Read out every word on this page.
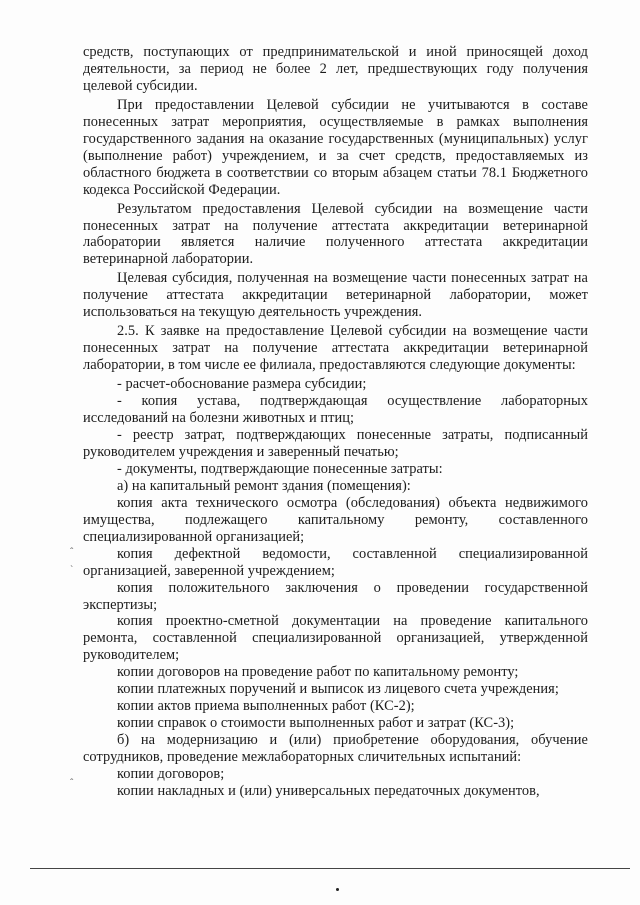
средств, поступающих от предпринимательской и иной приносящей доход деятельности, за период не более 2 лет, предшествующих году получения целевой субсидии.

При предоставлении Целевой субсидии не учитываются в составе понесенных затрат мероприятия, осуществляемые в рамках выполнения государственного задания на оказание государственных (муниципальных) услуг (выполнение работ) учреждением, и за счет средств, предоставляемых из областного бюджета в соответствии со вторым абзацем статьи 78.1 Бюджетного кодекса Российской Федерации.

Результатом предоставления Целевой субсидии на возмещение части понесенных затрат на получение аттестата аккредитации ветеринарной лаборатории является наличие полученного аттестата аккредитации ветеринарной лаборатории.

Целевая субсидия, полученная на возмещение части понесенных затрат на получение аттестата аккредитации ветеринарной лаборатории, может использоваться на текущую деятельность учреждения.

2.5. К заявке на предоставление Целевой субсидии на возмещение части понесенных затрат на получение аттестата аккредитации ветеринарной лаборатории, в том числе ее филиала, предоставляются следующие документы:

- расчет-обоснование размера субсидии;

- копия устава, подтверждающая осуществление лабораторных исследований на болезни животных и птиц;

- реестр затрат, подтверждающих понесенные затраты, подписанный руководителем учреждения и заверенный печатью;

- документы, подтверждающие понесенные затраты:

а) на капитальный ремонт здания (помещения):

копия акта технического осмотра (обследования) объекта недвижимого имущества, подлежащего капитальному ремонту, составленного специализированной организацией;

копия дефектной ведомости, составленной специализированной организацией, заверенной учреждением;

копия положительного заключения о проведении государственной экспертизы;

копия проектно-сметной документации на проведение капитального ремонта, составленной специализированной организацией, утвержденной руководителем;

копии договоров на проведение работ по капитальному ремонту;

копии платежных поручений и выписок из лицевого счета учреждения;

копии актов приема выполненных работ (КС-2);

копии справок о стоимости выполненных работ и затрат (КС-3);

б) на модернизацию и (или) приобретение оборудования, обучение сотрудников, проведение межлабораторных сличительных испытаний:

копии договоров;

копии накладных и (или) универсальных передаточных документов,

ˆ
ˋ
ˆ
